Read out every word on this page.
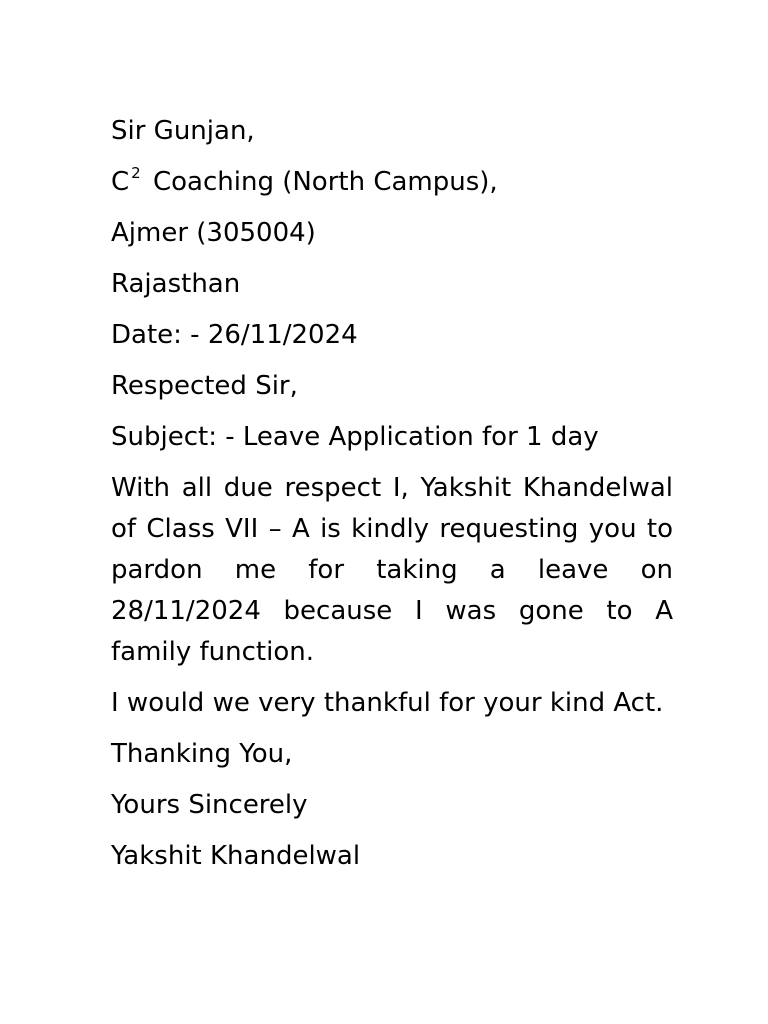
Sir Gunjan,
C $^2$ Coaching (North Campus),
Ajmer (305004)
Rajasthan
Date: - 26/11/2024
Respected Sir,
Subject: - Leave Application for 1 day
With all due respect I, Yakshit Khandelwal of Class VII – A is kindly requesting you to pardon me for taking a leave on 28/11/2024 because I was gone to A family function.
I would we very thankful for your kind Act.
Thanking You,
Yours Sincerely
Yakshit Khandelwal
